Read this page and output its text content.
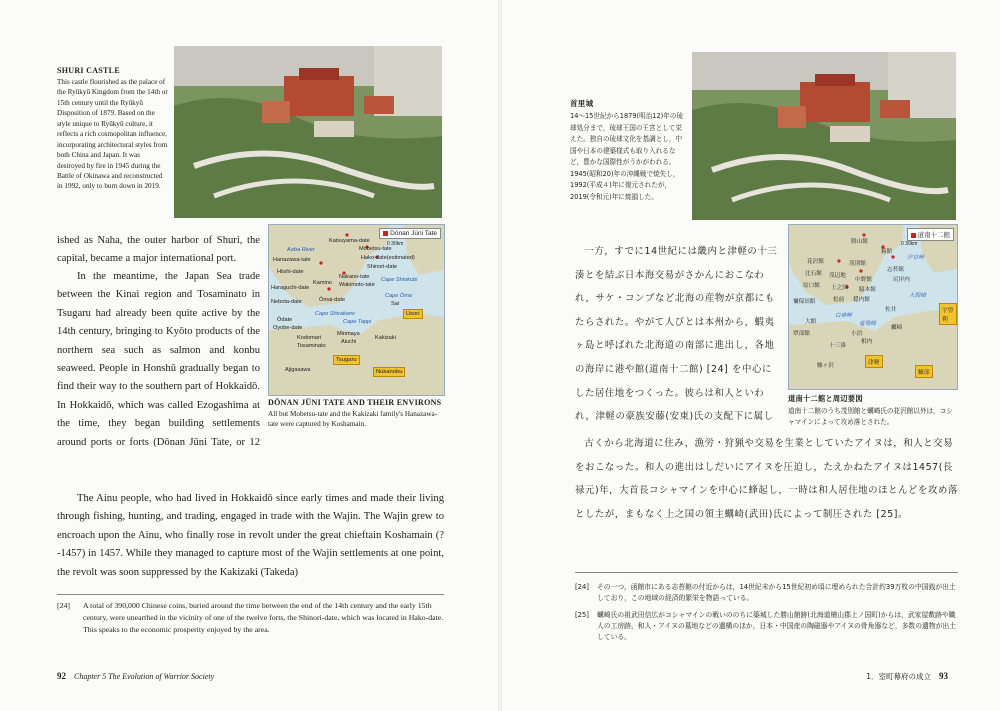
SHURI CASTLE

This castle flourished as the palace of the Ryūkyū Kingdom from the 14th or 15th century until the Ryūkyū Disposition of 1879. Based on the style unique to Ryūkyū culture, it reflects a rich cosmopolitan influence, incorporating architectural styles from both China and Japan. It was destroyed by fire in 1945 during the Battle of Okinawa and reconstructed in 1992, only to burn down in 2019.

Dōnan Jūni Tate
0 30km
Katsuyama-date
Mobetsu-tate
Hanazawa-tate	Hako-date(estimated)
Shinori-date
Hiishi-date
Aoba River
Nakano-tate
Kamino Wakimoto-tate
Cape Shiokubi
Haraguchi-date
Ōmai-date
Cape Ōma
Nebota-date
Ōdate
Cape Shirakami
Oyobe-date
Kodomari
Minmaya
Aiuchi
Cape Tappi
Tosaminato
Kakizaki
Ajigasawa
Sai
Usori
Tsugaru
Nukanobu

DŌNAN JŪNI TATE AND THEIR ENVIRONS

All but Mobetsu-tate and the Kakizaki family's Hanazawa-tate were captured by Koshamain.

ished as Naha, the outer harbor of Shuri, the capital, became a major international port.

In the meantime, the Japan Sea trade between the Kinai region and Tosaminato in Tsugaru had already been quite active by the 14th century, bringing to Kyōto products of the northern sea such as salmon and konbu seaweed. People in Honshū gradually began to find their way to the southern part of Hokkaidō. In Hokkaidō, which was called Ezogashima at the time, they began building settlements around ports or forts (Dōnan Jūni Tate, or 12

The Ainu people, who had lived in Hokkaidō since early times and made their living through fishing, hunting, and trading, engaged in trade with the Wajin. The Wajin grew to encroach upon the Ainu, who finally rose in revolt under the great chieftain Koshamain (?-1457) in 1457. While they managed to capture most of the Wajin settlements at one point, the revolt was soon suppressed by the Kakizaki (Takeda)

[24] A total of 390,000 Chinese coins, buried around the time between the end of the 14th century and the early 15th century, were unearthed in the vicinity of one of the twelve forts, the Shinori-date, which was located in Hako-date. This speaks to the economic prosperity enjoyed by the area.
92 Chapter 5 The Evolution of Warrior Society

首里城

14〜15世紀から1879(明治12)年の琉球処分まで，琉球王国の王宮として栄えた。独自の琉球文化を基調とし，中国や日本の建築様式も取り入れるなど，豊かな国際性がうかがわれる。1945(昭和20)年の沖縄戦で焼失し，1992(平成４)年に復元されたが，2019(令和元)年に焼損した。

道南十二館
0 30km
勝山館
茂別館
箱館
花沢館
志苔館
比石館
中野館
原口館
脇本館
穏内館
大館
禰保田館
覃部館
上之国
汐首岬
大間崎
白神岬
小泊
十三湊
相内
竜飛崎
松前
佐井
鰺ヶ沢
蠣崎
津軽
糠部
宇曽利
茂辺地
尻岸内

道南十二館と周辺要図

道南十二館のうち茂別館と蠣崎氏の花沢館以外は，コシャマインによって攻め落とされた。

一方，すでに14世紀には畿内と津軽の十三湊とを結ぶ日本海交易がさかんにおこなわれ，サケ・コンブなど北海の産物が京都にもたらされた。やがて人びとは本州から，蝦夷ヶ島と呼ばれた北海道の南部に進出し，各地の海岸に港や館(道南十二館) [24] を中心にした居住地をつくった。彼らは和人といわれ，津軽の豪族安藤(安東)氏の支配下に属し

古くから北海道に住み，漁労・狩猟や交易を生業としていたアイヌは，和人と交易をおこなった。和人の進出はしだいにアイヌを圧迫し，たえかねたアイヌは1457(長禄元)年，大首長コシャマインを中心に蜂起し，一時は和人居住地のほとんどを攻め落としたが，まもなく上之国の領主蠣崎(武田)氏によって制圧された [25]。

[24] その一つ，函館市にある志苔館の付近からは，14世紀末から15世紀初め頃に埋められた合計約39万枚の中国銭が出土しており，この地域の経済的繁栄を物語っている。
[25] 蠣崎氏の祖武田信広がコシャマインの戦いののちに築城した勝山館跡(北海道檜山郡上ノ国町)からは，武家屋敷跡や職人の工房跡，和人・アイヌの墓地などの遺構のほか，日本・中国産の陶磁器やアイヌの骨角器など，多数の遺物が出土している。
1．室町幕府の成立 93
